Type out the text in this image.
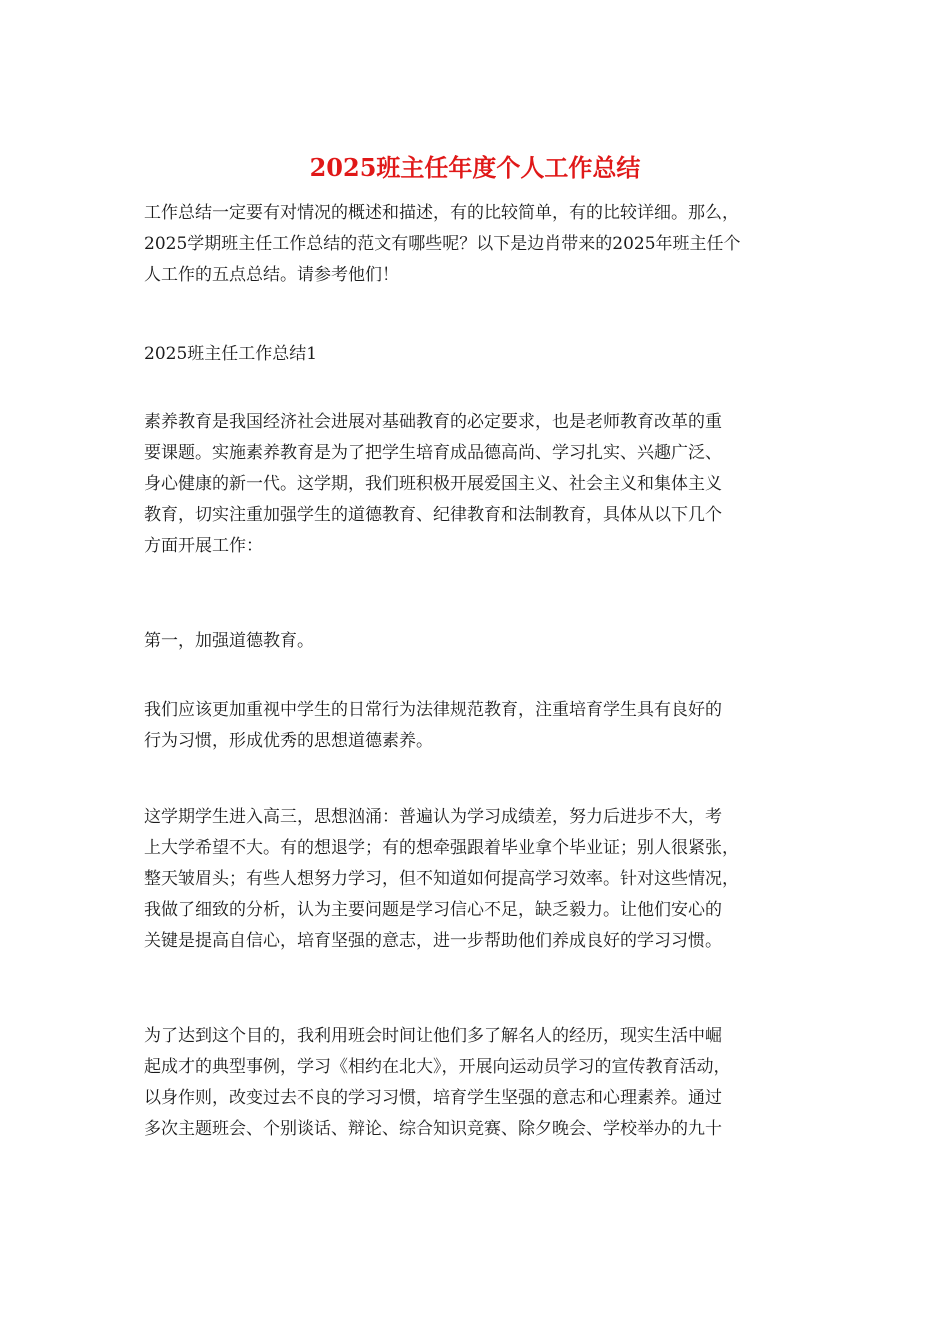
2025班主任年度个人工作总结

工作总结一定要有对情况的概述和描述，有的比较简单，有的比较详细。那么，

2025学期班主任工作总结的范文有哪些呢？以下是边肖带来的2025年班主任个

人工作的五点总结。请参考他们！

2025班主任工作总结1

素养教育是我国经济社会进展对基础教育的必定要求，也是老师教育改革的重

要课题。实施素养教育是为了把学生培育成品德高尚、学习扎实、兴趣广泛、

身心健康的新一代。这学期，我们班积极开展爱国主义、社会主义和集体主义

教育，切实注重加强学生的道德教育、纪律教育和法制教育，具体从以下几个

方面开展工作：

第一，加强道德教育。

我们应该更加重视中学生的日常行为法律规范教育，注重培育学生具有良好的

行为习惯，形成优秀的思想道德素养。

这学期学生进入高三，思想汹涌：普遍认为学习成绩差，努力后进步不大，考

上大学希望不大。有的想退学；有的想牵强跟着毕业拿个毕业证；别人很紧张，

整天皱眉头；有些人想努力学习，但不知道如何提高学习效率。针对这些情况，

我做了细致的分析，认为主要问题是学习信心不足，缺乏毅力。让他们安心的

关键是提高自信心，培育坚强的意志，进一步帮助他们养成良好的学习习惯。

为了达到这个目的，我利用班会时间让他们多了解名人的经历，现实生活中崛

起成才的典型事例，学习《相约在北大》，开展向运动员学习的宣传教育活动，

以身作则，改变过去不良的学习习惯，培育学生坚强的意志和心理素养。通过

多次主题班会、个别谈话、辩论、综合知识竞赛、除夕晚会、学校举办的九十
